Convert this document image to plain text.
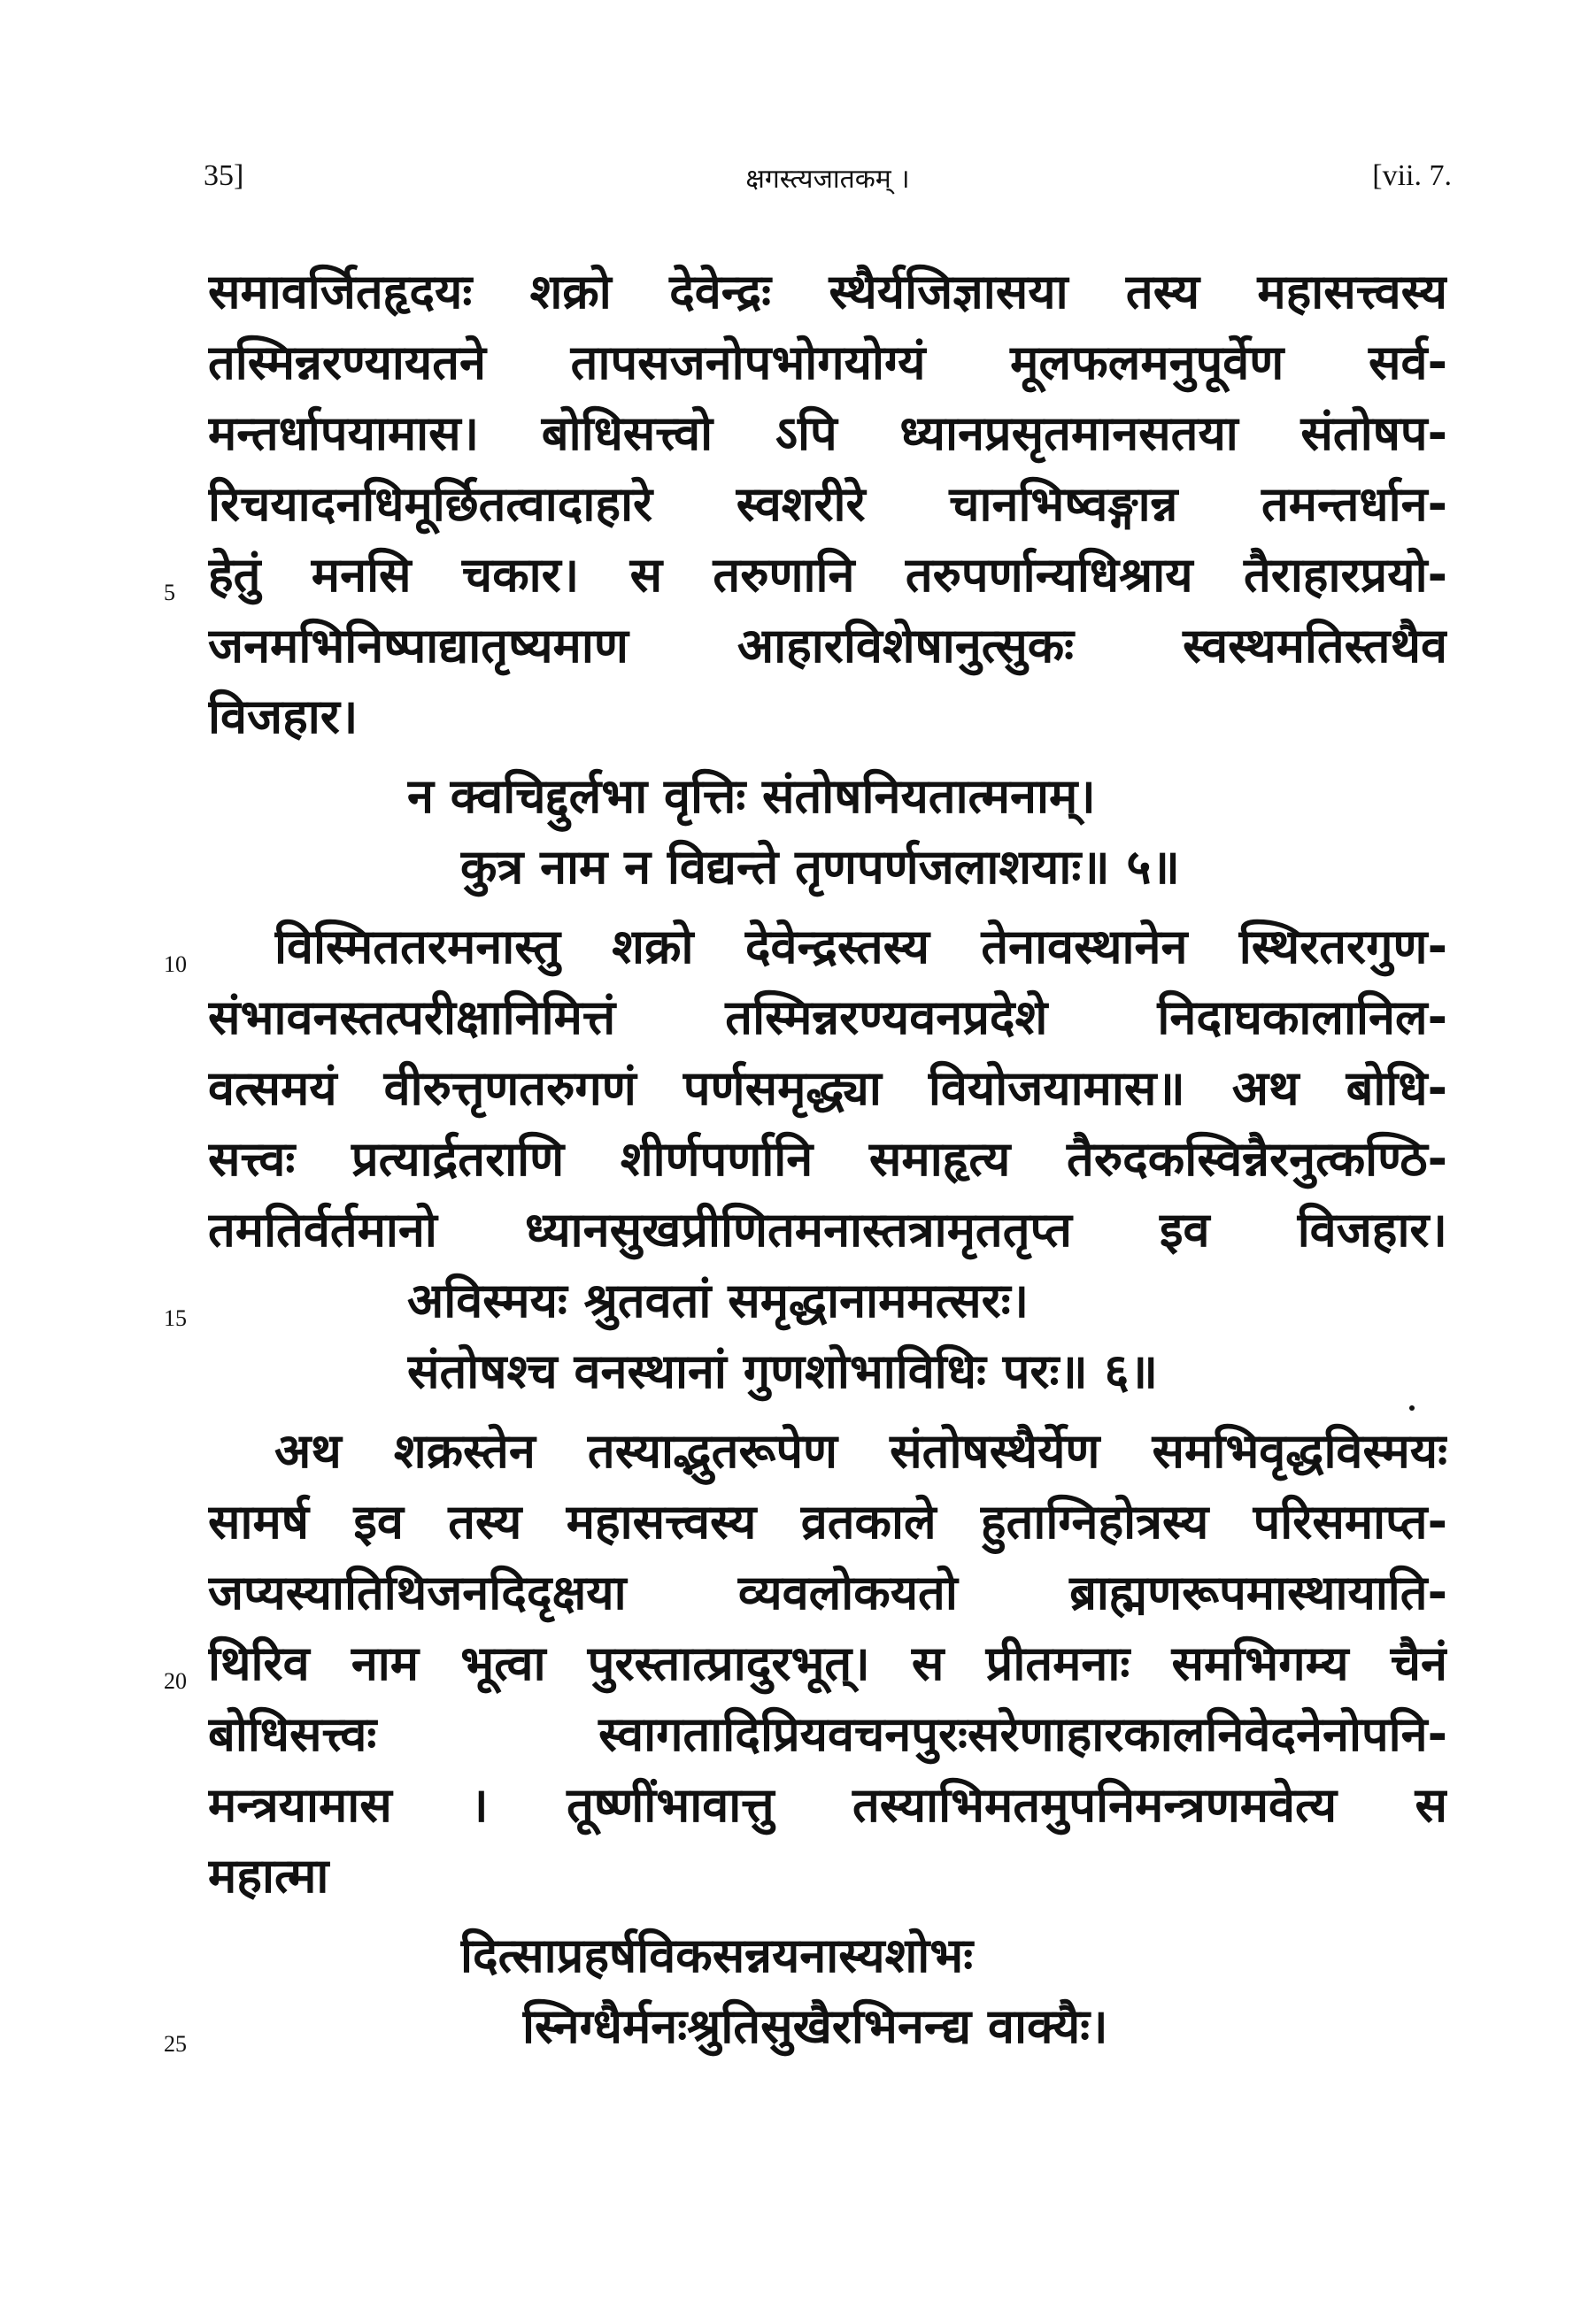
35]	क्षगस्त्यजातकम् ।	[vii. 7.
समावर्जितहृदयः शक्रो देवेन्द्रः स्थैर्यजिज्ञासया तस्य महासत्त्वस्य
तस्मिन्नरण्यायतने तापसजनोपभोगयोग्यं मूलफलमनुपूर्वेण सर्व-
मन्तर्धापयामास। बोधिसत्त्वो ऽपि ध्यानप्रसृतमानसतया संतोषप-
रिचयादनधिमूर्छितत्वादाहारे स्वशरीरे चानभिष्वङ्गान्न तमन्तर्धान-
5 हेतुं मनसि चकार। स तरुणानि तरुपर्णान्यधिश्राय तैराहारप्रयो-
जनमभिनिष्पाद्यातृष्यमाण आहारविशेषानुत्सुकः स्वस्थमतिस्तथैव
विजहार।
न क्वचिद्दुर्लभा वृत्तिः संतोषनियतात्मनाम्।
कुत्र नाम न विद्यन्ते तृणपर्णजलाशयाः॥ ५॥
10 विस्मिततरमनास्तु शक्रो देवेन्द्रस्तस्य तेनावस्थानेन स्थिरतरगुण-
संभावनस्तत्परीक्षानिमित्तं तस्मिन्नरण्यवनप्रदेशे निदाघकालानिल-
वत्समयं वीरुत्तृणतरुगणं पर्णसमृद्ध्या वियोजयामास॥ अथ बोधि-
सत्त्वः प्रत्यार्द्रतराणि शीर्णपर्णानि समाहृत्य तैरुदकस्विन्नैरनुत्कण्ठि-
तमतिर्वर्तमानो ध्यानसुखप्रीणितमनास्तत्रामृततृप्त इव विजहार।
15	अविस्मयः श्रुतवतां समृद्धानाममत्सरः।
संतोषश्च वनस्थानां गुणशोभाविधिः परः॥ ६॥
अथ शक्रस्तेन तस्याद्भुतरूपेण संतोषस्थैर्येण समभिवृद्धविस्मयः
सामर्ष इव तस्य महासत्त्वस्य व्रतकाले हुताग्निहोत्रस्य परिसमाप्त-
जप्यस्यातिथिजनदिदृक्षया व्यवलोकयतो ब्राह्मणरूपमास्थायाति-
20 थिरिव नाम भूत्वा पुरस्तात्प्रादुरभूत्। स प्रीतमनाः समभिगम्य चैनं
बोधिसत्त्वः स्वागतादिप्रियवचनपुरःसरेणाहारकालनिवेदनेनोपनि-
मन्त्रयामास । तूष्णींभावात्तु तस्याभिमतमुपनिमन्त्रणमवेत्य स
महात्मा
दित्साप्रहर्षविकसन्नयनास्यशोभः
25	स्निग्धैर्मनःश्रुतिसुखैरभिनन्द्य वाक्यैः।
